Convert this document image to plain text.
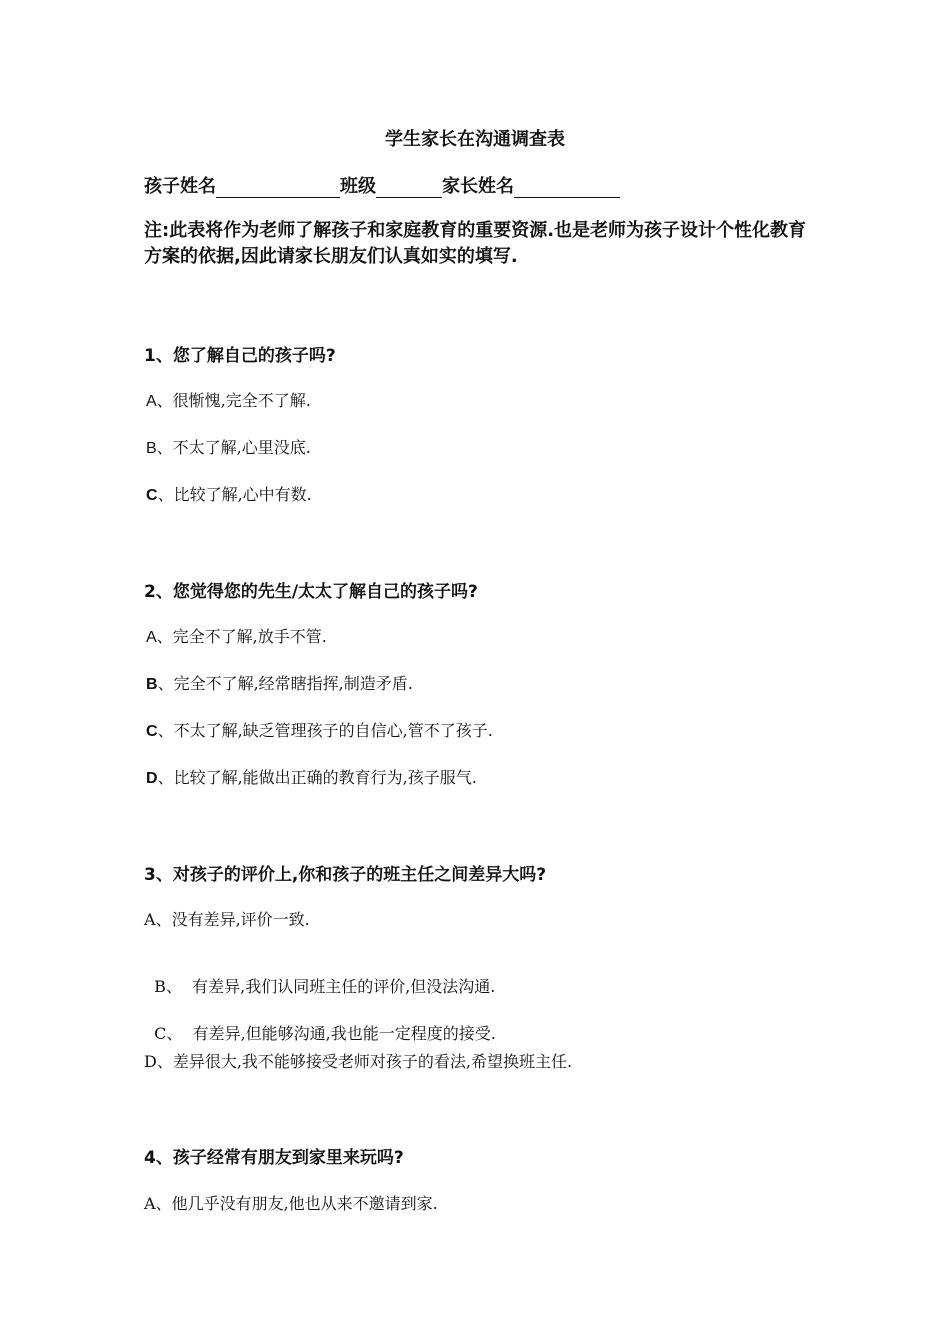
学生家长在沟通调查表
孩子姓名	班级	家长姓名
注:此表将作为老师了解孩子和家庭教育的重要资源.也是老师为孩子设计个性化教育方案的依据,因此请家长朋友们认真如实的填写.
1、您了解自己的孩子吗?
A、很惭愧,完全不了解.
B、不太了解,心里没底.
C、比较了解,心中有数.
2、您觉得您的先生/太太了解自己的孩子吗?
A、完全不了解,放手不管.
B、完全不了解,经常瞎指挥,制造矛盾.
C、不太了解,缺乏管理孩子的自信心,管不了孩子.
D、比较了解,能做出正确的教育行为,孩子服气.
3、对孩子的评价上,你和孩子的班主任之间差异大吗?
A、没有差异,评价一致.

B、  有差异,我们认同班主任的评价,但没法沟通.

C、  有差异,但能够沟通,我也能一定程度的接受.

D、差异很大,我不能够接受老师对孩子的看法,希望换班主任.
4、孩子经常有朋友到家里来玩吗?
A、他几乎没有朋友,他也从来不邀请到家.
